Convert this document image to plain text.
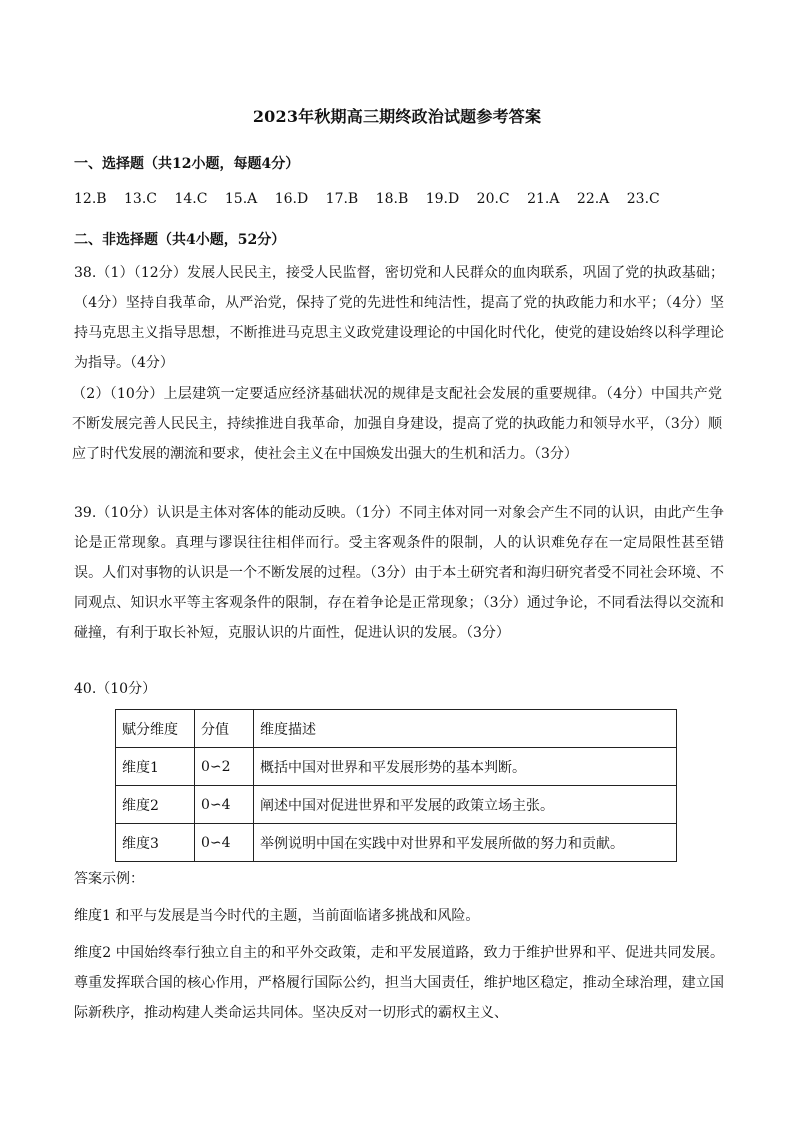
2023年秋期高三期终政治试题参考答案
一、选择题（共12小题，每题4分）
12.B 13.C 14.C 15.A 16.D 17.B 18.B 19.D 20.C 21.A 22.A 23.C
二、非选择题（共4小题，52分）
38.（1）（12分）发展人民民主，接受人民监督，密切党和人民群众的血肉联系，巩固了党的执政基础；（4分）坚持自我革命，从严治党，保持了党的先进性和纯洁性，提高了党的执政能力和水平；（4分）坚持马克思主义指导思想，不断推进马克思主义政党建设理论的中国化时代化，使党的建设始终以科学理论为指导。（4分）
（2）（10分）上层建筑一定要适应经济基础状况的规律是支配社会发展的重要规律。（4分）中国共产党不断发展完善人民民主，持续推进自我革命，加强自身建设，提高了党的执政能力和领导水平，（3分）顺应了时代发展的潮流和要求，使社会主义在中国焕发出强大的生机和活力。（3分）
39.（10分）认识是主体对客体的能动反映。（1分）不同主体对同一对象会产生不同的认识，由此产生争论是正常现象。真理与谬误往往相伴而行。受主客观条件的限制，人的认识难免存在一定局限性甚至错误。人们对事物的认识是一个不断发展的过程。（3分）由于本土研究者和海归研究者受不同社会环境、不同观点、知识水平等主客观条件的限制，存在着争论是正常现象；（3分）通过争论，不同看法得以交流和碰撞，有利于取长补短，克服认识的片面性，促进认识的发展。（3分）
40.（10分）
赋分维度	分值	维度描述
维度1	0∽2	概括中国对世界和平发展形势的基本判断。
维度2	0∽4	阐述中国对促进世界和平发展的政策立场主张。
维度3	0∽4	举例说明中国在实践中对世界和平发展所做的努力和贡献。
答案示例：
维度1 和平与发展是当今时代的主题，当前面临诸多挑战和风险。
维度2 中国始终奉行独立自主的和平外交政策，走和平发展道路，致力于维护世界和平、促进共同发展。尊重发挥联合国的核心作用，严格履行国际公约，担当大国责任，维护地区稳定，推动全球治理，建立国际新秩序，推动构建人类命运共同体。坚决反对一切形式的霸权主义、
